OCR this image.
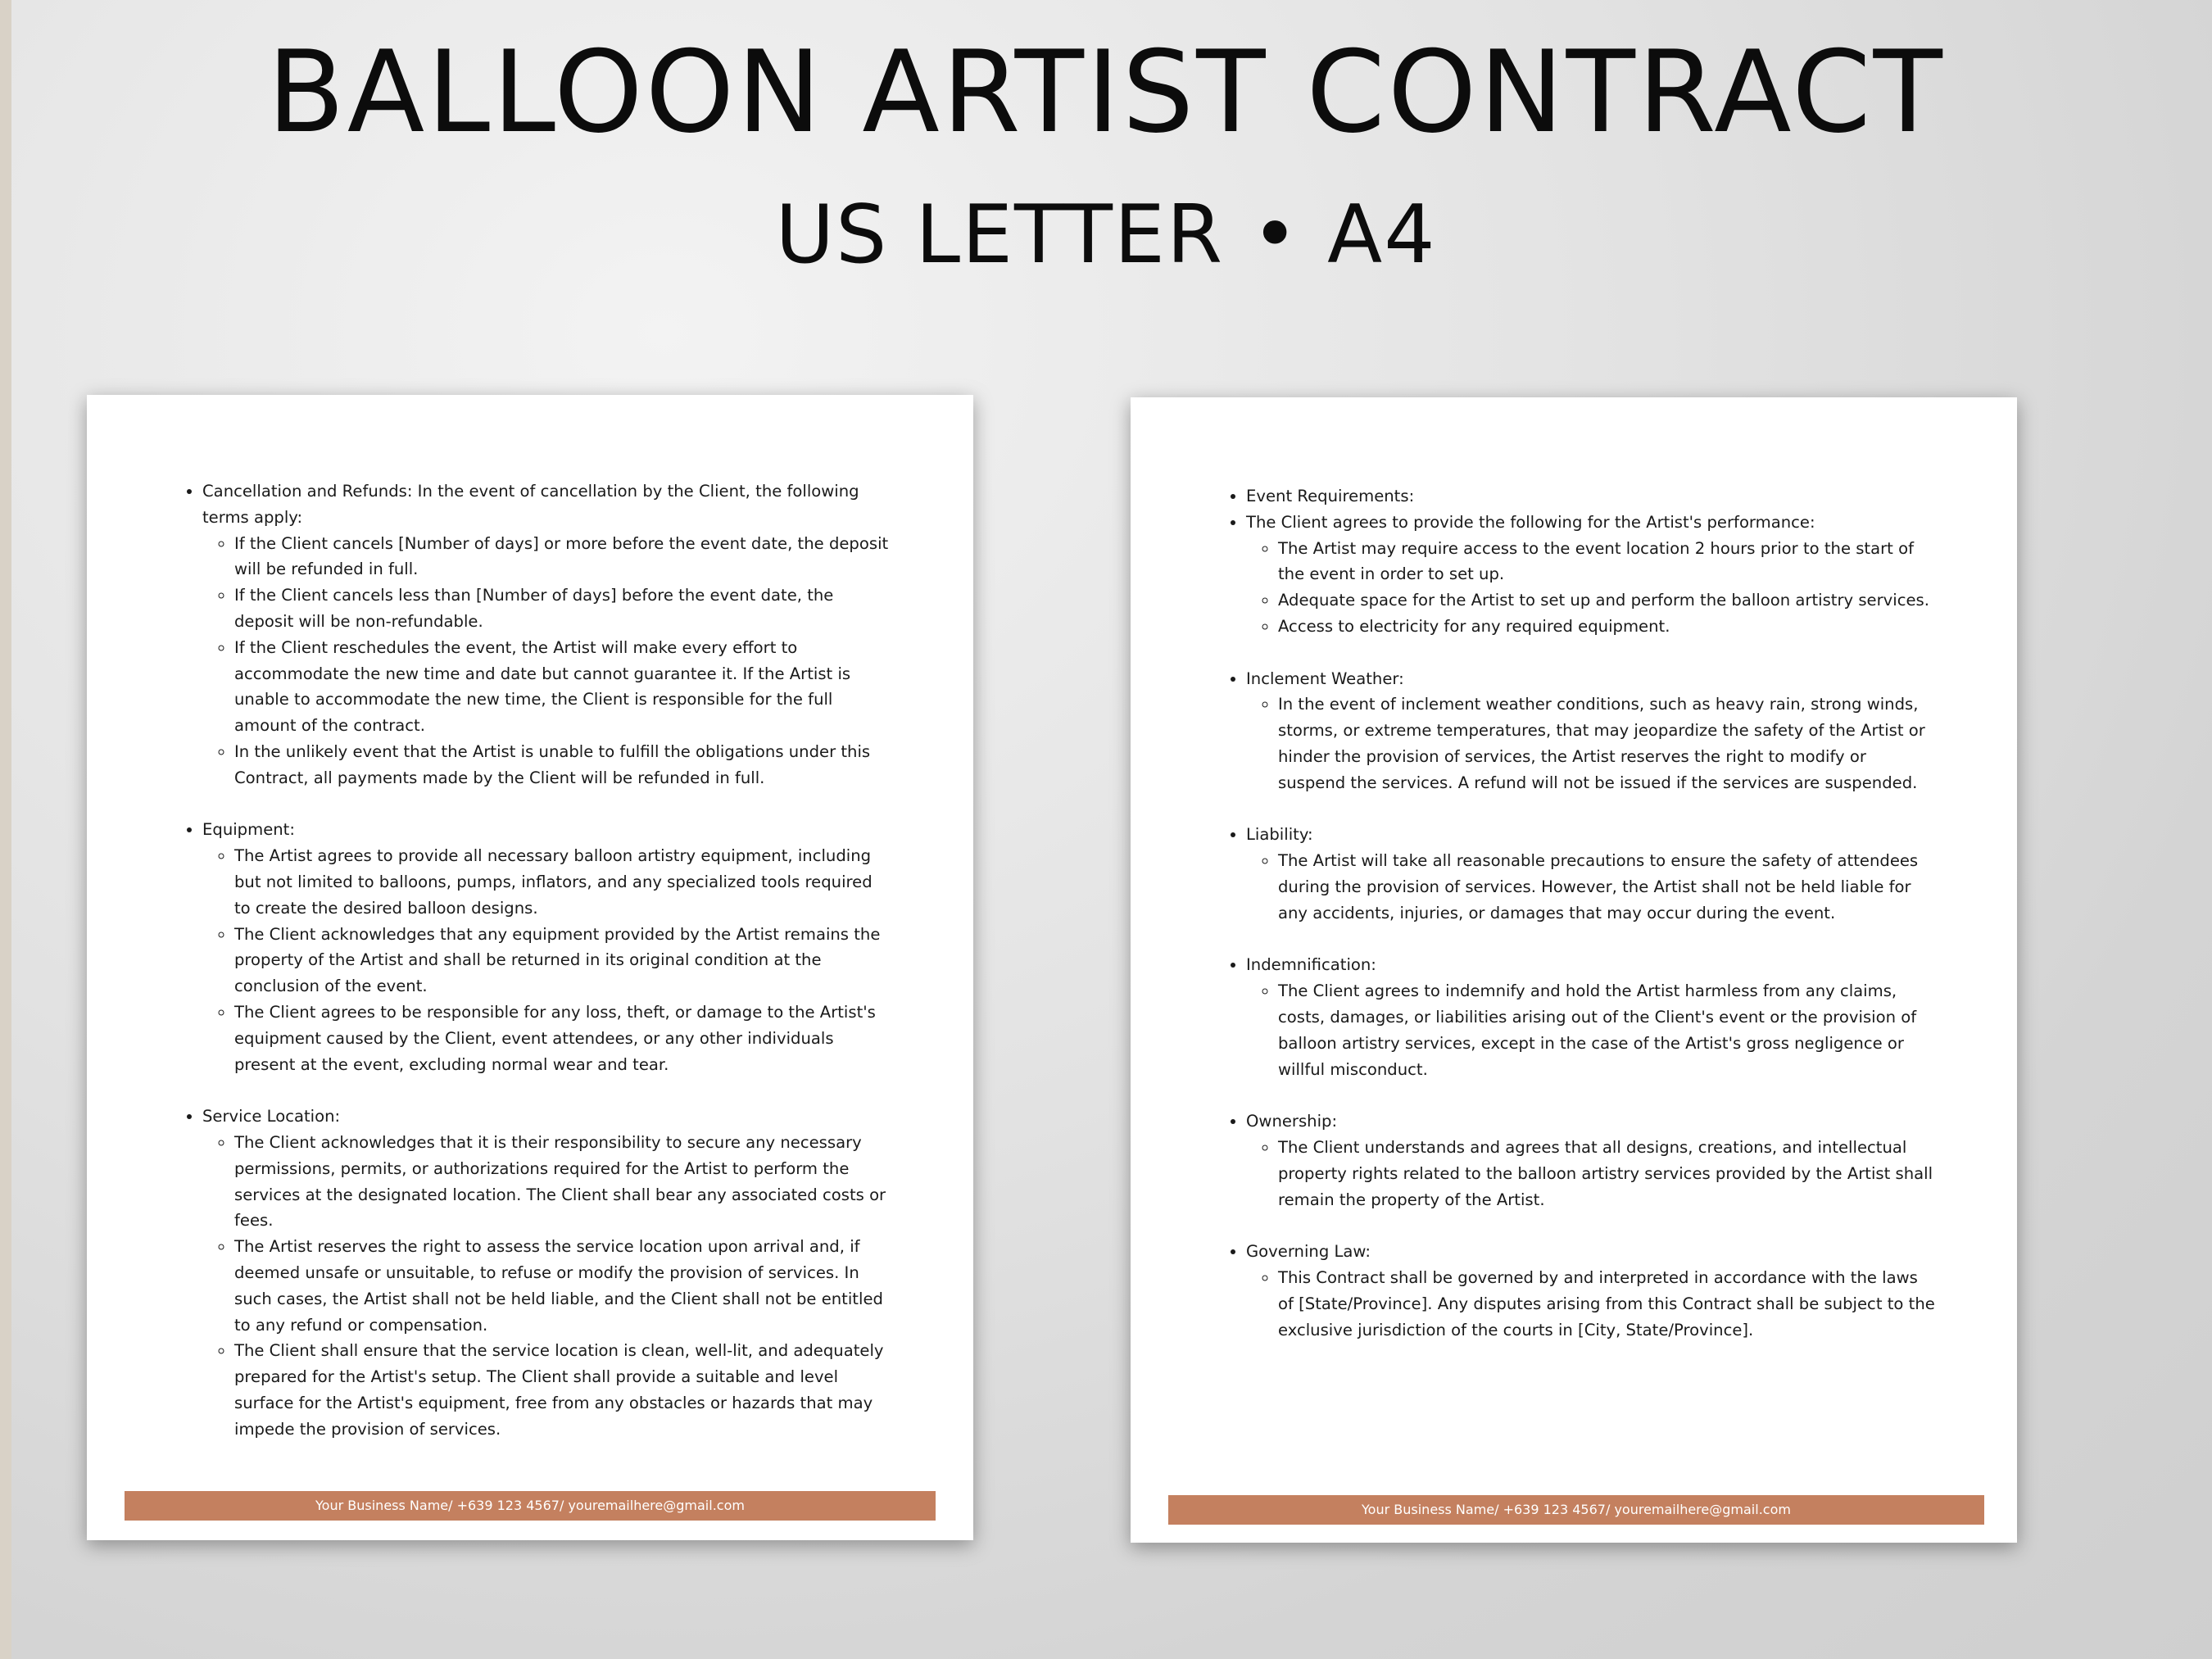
BALLOON ARTIST CONTRACT
US LETTER • A4
• Cancellation and Refunds: In the event of cancellation by the Client, the following terms apply:
◦ If the Client cancels [Number of days] or more before the event date, the deposit will be refunded in full.
◦ If the Client cancels less than [Number of days] before the event date, the deposit will be non-refundable.
◦ If the Client reschedules the event, the Artist will make every effort to accommodate the new time and date but cannot guarantee it. If the Artist is unable to accommodate the new time, the Client is responsible for the full amount of the contract.
◦ In the unlikely event that the Artist is unable to fulfill the obligations under this Contract, all payments made by the Client will be refunded in full.
• Equipment:
◦ The Artist agrees to provide all necessary balloon artistry equipment, including but not limited to balloons, pumps, inflators, and any specialized tools required to create the desired balloon designs.
◦ The Client acknowledges that any equipment provided by the Artist remains the property of the Artist and shall be returned in its original condition at the conclusion of the event.
◦ The Client agrees to be responsible for any loss, theft, or damage to the Artist's equipment caused by the Client, event attendees, or any other individuals present at the event, excluding normal wear and tear.
• Service Location:
◦ The Client acknowledges that it is their responsibility to secure any necessary permissions, permits, or authorizations required for the Artist to perform the services at the designated location. The Client shall bear any associated costs or fees.
◦ The Artist reserves the right to assess the service location upon arrival and, if deemed unsafe or unsuitable, to refuse or modify the provision of services. In such cases, the Artist shall not be held liable, and the Client shall not be entitled to any refund or compensation.
◦ The Client shall ensure that the service location is clean, well-lit, and adequately prepared for the Artist's setup. The Client shall provide a suitable and level surface for the Artist's equipment, free from any obstacles or hazards that may impede the provision of services.
Your Business Name/ +639 123 4567/ youremailhere@gmail.com
• Event Requirements:
• The Client agrees to provide the following for the Artist's performance:
◦ The Artist may require access to the event location 2 hours prior to the start of the event in order to set up.
◦ Adequate space for the Artist to set up and perform the balloon artistry services.
◦ Access to electricity for any required equipment.
• Inclement Weather:
◦ In the event of inclement weather conditions, such as heavy rain, strong winds, storms, or extreme temperatures, that may jeopardize the safety of the Artist or hinder the provision of services, the Artist reserves the right to modify or suspend the services. A refund will not be issued if the services are suspended.
• Liability:
◦ The Artist will take all reasonable precautions to ensure the safety of attendees during the provision of services. However, the Artist shall not be held liable for any accidents, injuries, or damages that may occur during the event.
• Indemnification:
◦ The Client agrees to indemnify and hold the Artist harmless from any claims, costs, damages, or liabilities arising out of the Client's event or the provision of balloon artistry services, except in the case of the Artist's gross negligence or willful misconduct.
• Ownership:
◦ The Client understands and agrees that all designs, creations, and intellectual property rights related to the balloon artistry services provided by the Artist shall remain the property of the Artist.
• Governing Law:
◦ This Contract shall be governed by and interpreted in accordance with the laws of [State/Province]. Any disputes arising from this Contract shall be subject to the exclusive jurisdiction of the courts in [City, State/Province].
Your Business Name/ +639 123 4567/ youremailhere@gmail.com
